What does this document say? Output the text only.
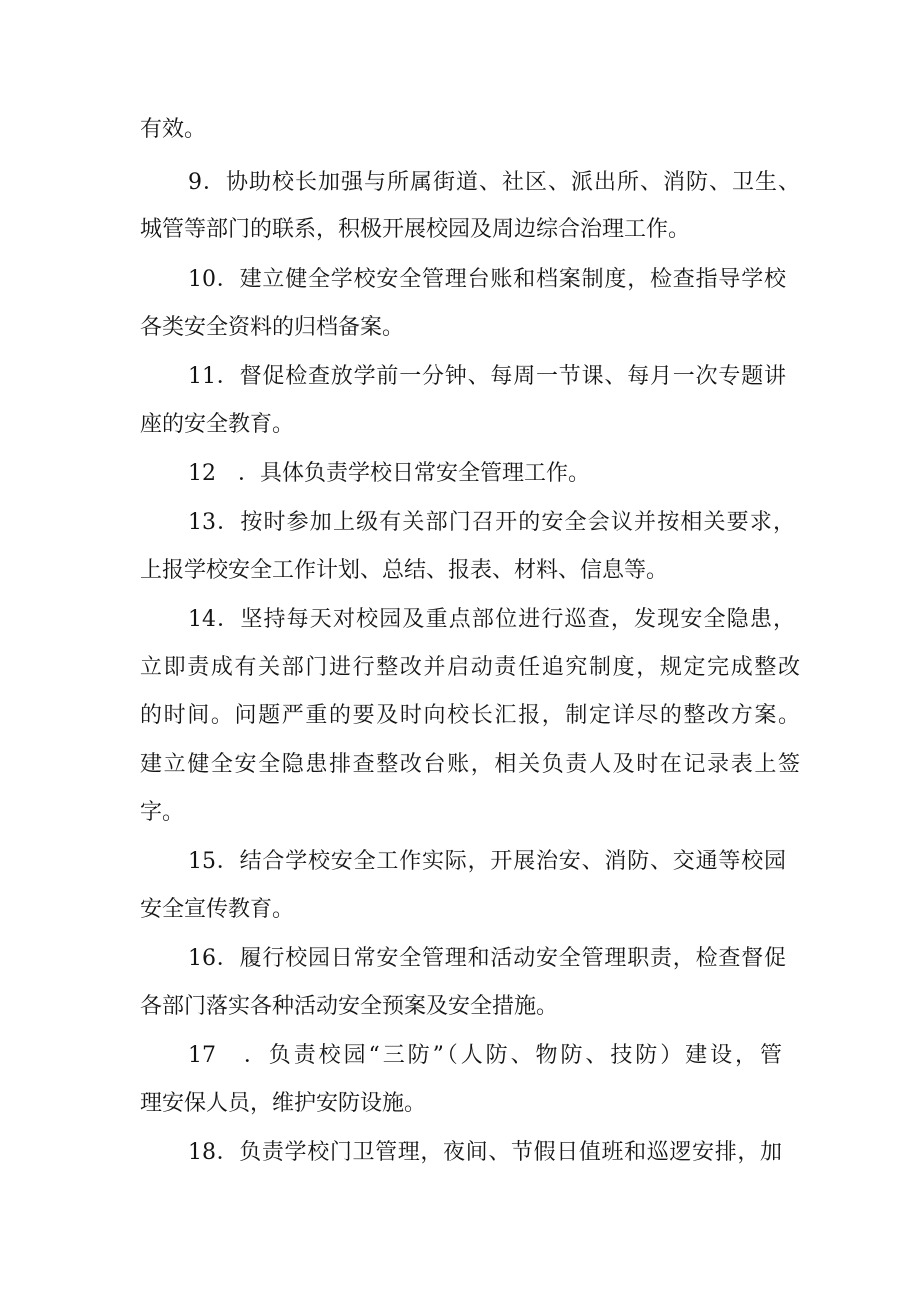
有效。
9．协助校长加强与所属街道、社区、派出所、消防、卫生、
城管等部门的联系，积极开展校园及周边综合治理工作。
10．建立健全学校安全管理台账和档案制度，检查指导学校
各类安全资料的归档备案。
11．督促检查放学前一分钟、每周一节课、每月一次专题讲
座的安全教育。
12　．具体负责学校日常安全管理工作。
13．按时参加上级有关部门召开的安全会议并按相关要求，
上报学校安全工作计划、总结、报表、材料、信息等。
14．坚持每天对校园及重点部位进行巡查，发现安全隐患，
立即责成有关部门进行整改并启动责任追究制度，规定完成整改
的时间。问题严重的要及时向校长汇报，制定详尽的整改方案。
建立健全安全隐患排查整改台账，相关负责人及时在记录表上签
字。
15．结合学校安全工作实际，开展治安、消防、交通等校园
安全宣传教育。
16．履行校园日常安全管理和活动安全管理职责，检查督促
各部门落实各种活动安全预案及安全措施。
17　．负责校园“三防”（人防、物防、技防）建设，管
理安保人员，维护安防设施。
18．负责学校门卫管理，夜间、节假日值班和巡逻安排，加
